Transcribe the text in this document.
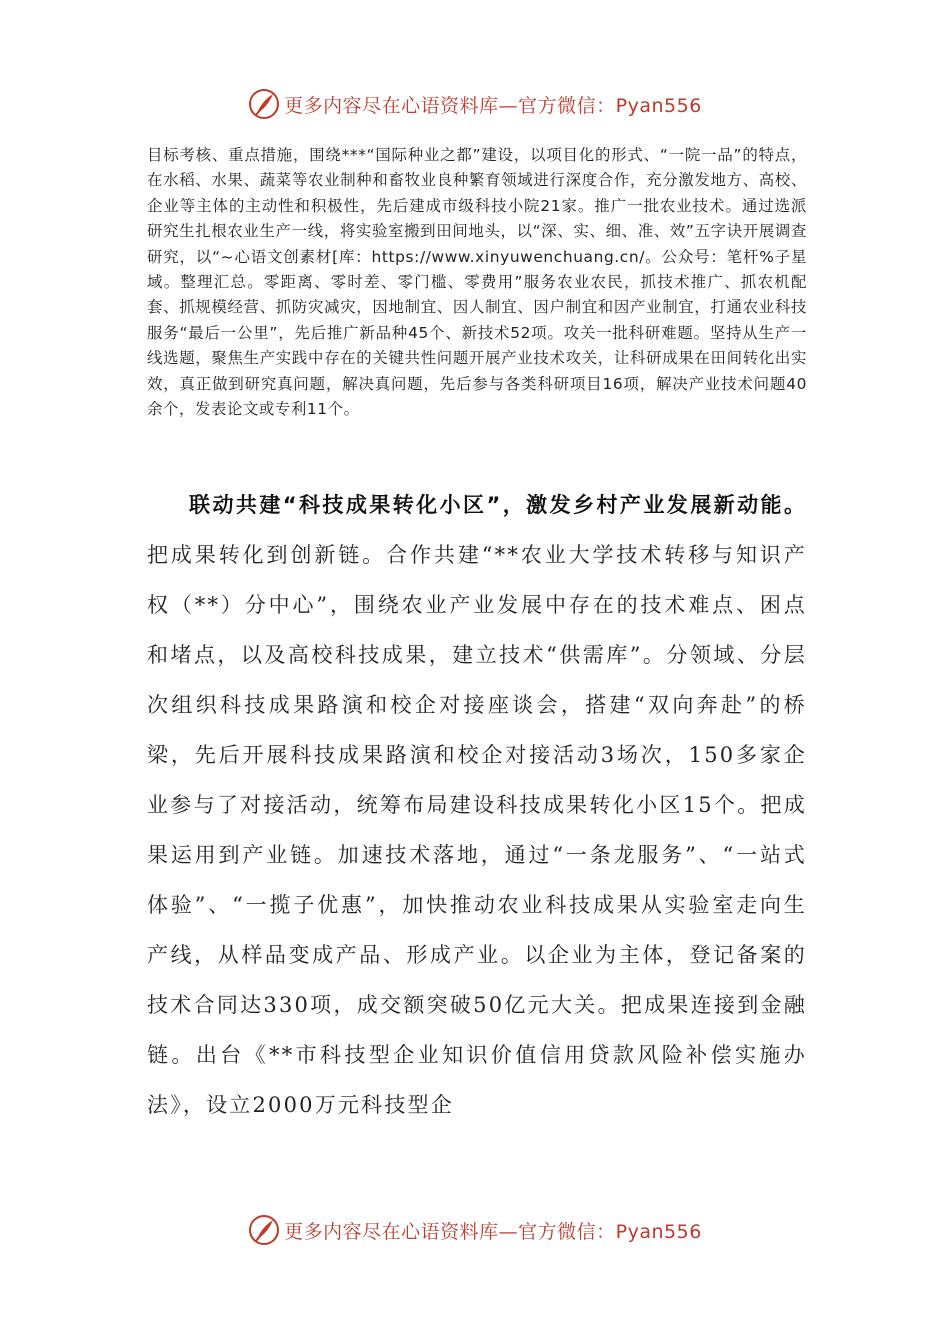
更多内容尽在心语资料库—官方微信：Pyan556

目标考核、重点措施，围绕***“国际种业之都”建设，以项目化的形式、“一院一品”的特点，在水稻、水果、蔬菜等农业制种和畜牧业良种繁育领域进行深度合作，充分激发地方、高校、企业等主体的主动性和积极性，先后建成市级科技小院21家。推广一批农业技术。通过选派研究生扎根农业生产一线，将实验室搬到田间地头，以“深、实、细、准、效”五字诀开展调查研究，以“~心语文创素材[库：https://www.xinyuwenchuang.cn/。公众号：笔杆%子星域。整理汇总。零距离、零时差、零门槛、零费用”服务农业农民，抓技术推广、抓农机配套、抓规模经营、抓防灾减灾，因地制宜、因人制宜、因户制宜和因产业制宜，打通农业科技服务“最后一公里”，先后推广新品种45个、新技术52项。攻关一批科研难题。坚持从生产一线选题，聚焦生产实践中存在的关键共性问题开展产业技术攻关，让科研成果在田间转化出实效，真正做到研究真问题，解决真问题，先后参与各类科研项目16项，解决产业技术问题40余个，发表论文或专利11个。

联动共建“科技成果转化小区”，激发乡村产业发展新动能。把成果转化到创新链。合作共建“**农业大学技术转移与知识产权（**）分中心”，围绕农业产业发展中存在的技术难点、困点和堵点，以及高校科技成果，建立技术“供需库”。分领域、分层次组织科技成果路演和校企对接座谈会，搭建“双向奔赴”的桥梁，先后开展科技成果路演和校企对接活动3场次，150多家企业参与了对接活动，统筹布局建设科技成果转化小区15个。把成果运用到产业链。加速技术落地，通过“一条龙服务”、“一站式体验”、“一揽子优惠”，加快推动农业科技成果从实验室走向生产线，从样品变成产品、形成产业。以企业为主体，登记备案的技术合同达330项，成交额突破50亿元大关。把成果连接到金融链。出台《**市科技型企业知识价值信用贷款风险补偿实施办法》，设立2000万元科技型企

更多内容尽在心语资料库—官方微信：Pyan556
